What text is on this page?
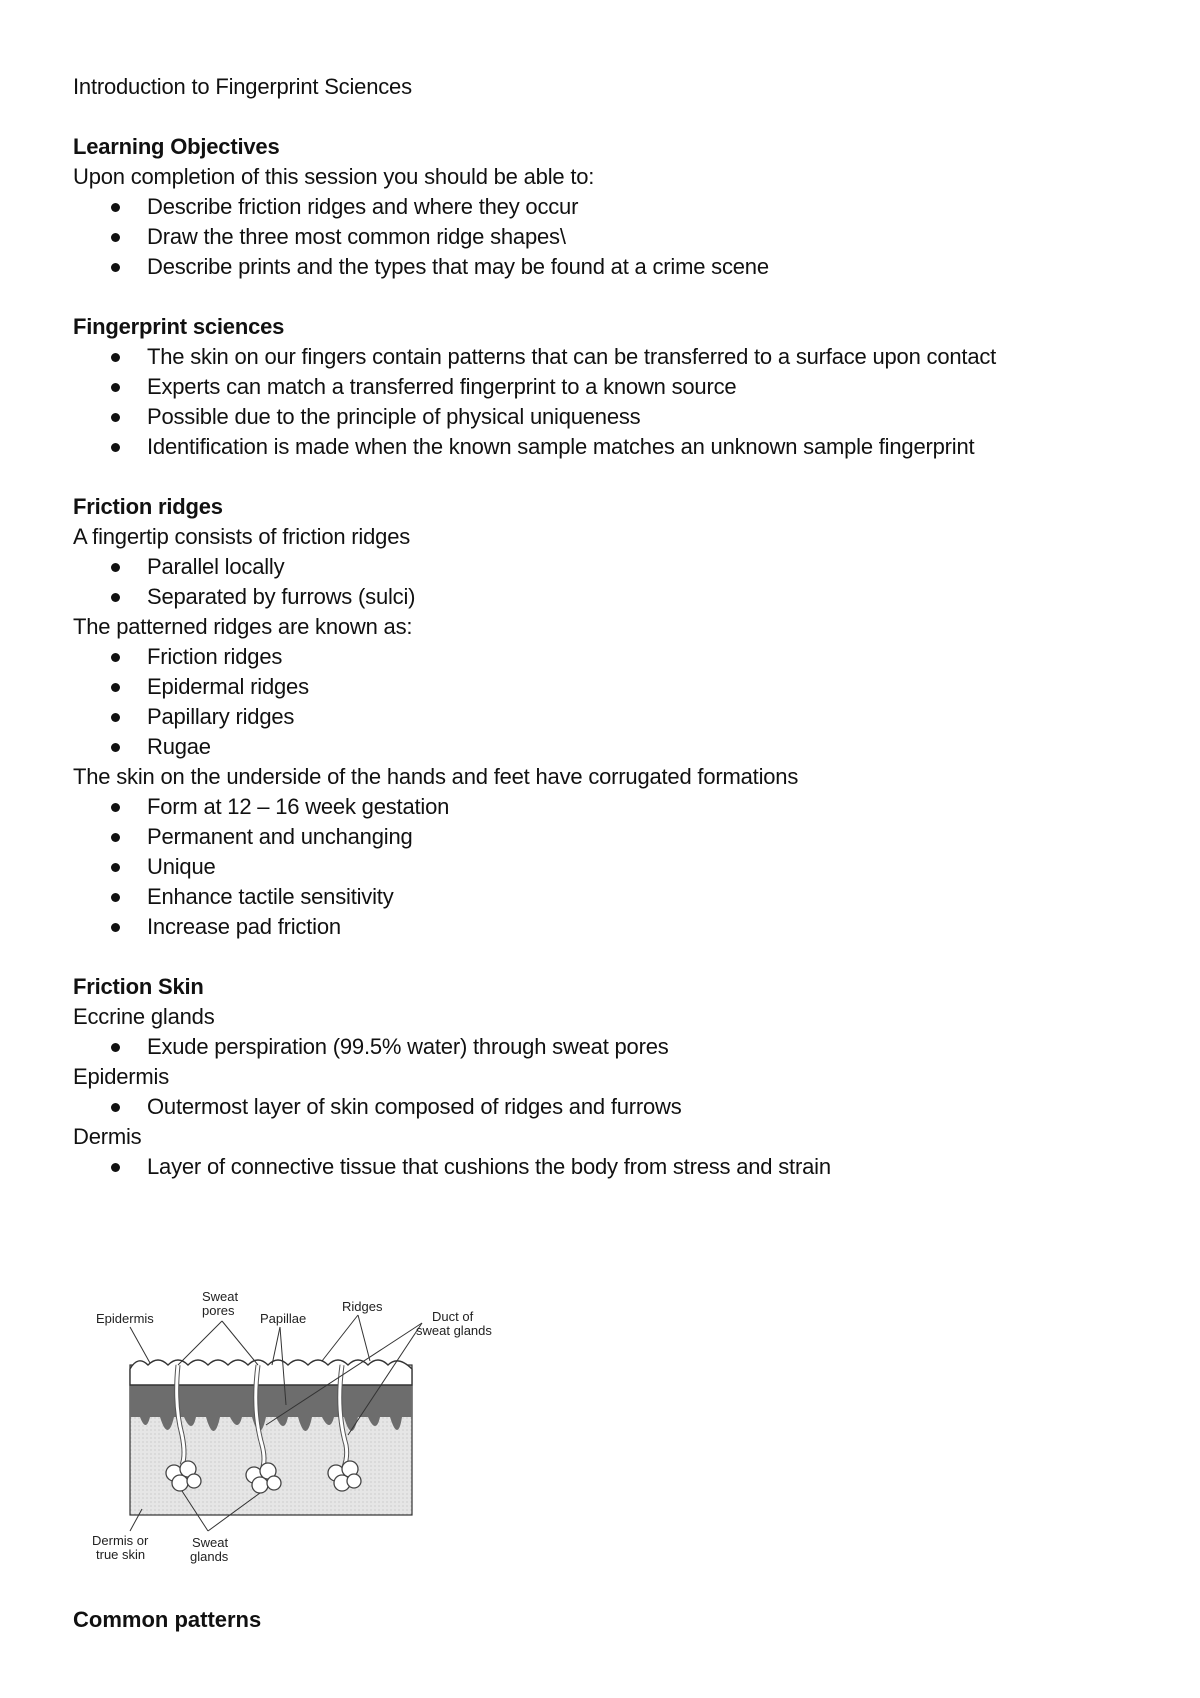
Introduction to Fingerprint Sciences
Learning Objectives
Upon completion of this session you should be able to:
Describe friction ridges and where they occur
Draw the three most common ridge shapes\
Describe prints and the types that may be found at a crime scene
Fingerprint sciences
The skin on our fingers contain patterns that can be transferred to a surface upon contact
Experts can match a transferred fingerprint to a known source
Possible due to the principle of physical uniqueness
Identification is made when the known sample matches an unknown sample fingerprint
Friction ridges
A fingertip consists of friction ridges
Parallel locally
Separated by furrows (sulci)
The patterned ridges are known as:
Friction ridges
Epidermal ridges
Papillary ridges
Rugae
The skin on the underside of the hands and feet have corrugated formations
Form at 12 – 16 week gestation
Permanent and unchanging
Unique
Enhance tactile sensitivity
Increase pad friction
Friction Skin
Eccrine glands
Exude perspiration (99.5% water) through sweat pores
Epidermis
Outermost layer of skin composed of ridges and furrows
Dermis
Layer of connective tissue that cushions the body from stress and strain
Epidermis
Sweat
pores
Papillae
Ridges
Duct of
sweat glands
Dermis or
true skin
Sweat
glands
Common patterns
